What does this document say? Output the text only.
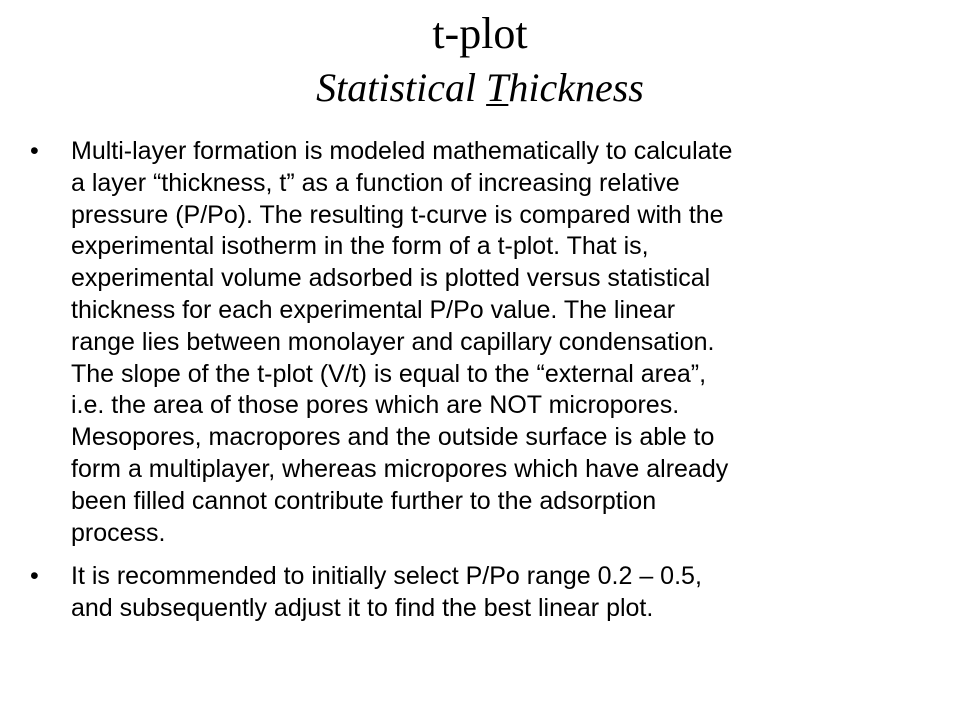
t-plot
Statistical Thickness
•	Multi-layer formation is modeled mathematically to calculate
a layer “thickness, t” as a function of increasing relative
pressure (P/Po). The resulting t-curve is compared with the
experimental isotherm in the form of a t-plot. That is,
experimental volume adsorbed is plotted versus statistical
thickness for each experimental P/Po value. The linear
range lies between monolayer and capillary condensation.
The slope of the t-plot (V/t) is equal to the “external area”,
i.e. the area of those pores which are NOT micropores.
Mesopores, macropores and the outside surface is able to
form a multiplayer, whereas micropores which have already
been filled cannot contribute further to the adsorption
process.
•	It is recommended to initially select P/Po range 0.2 – 0.5,
and subsequently adjust it to find the best linear plot.
